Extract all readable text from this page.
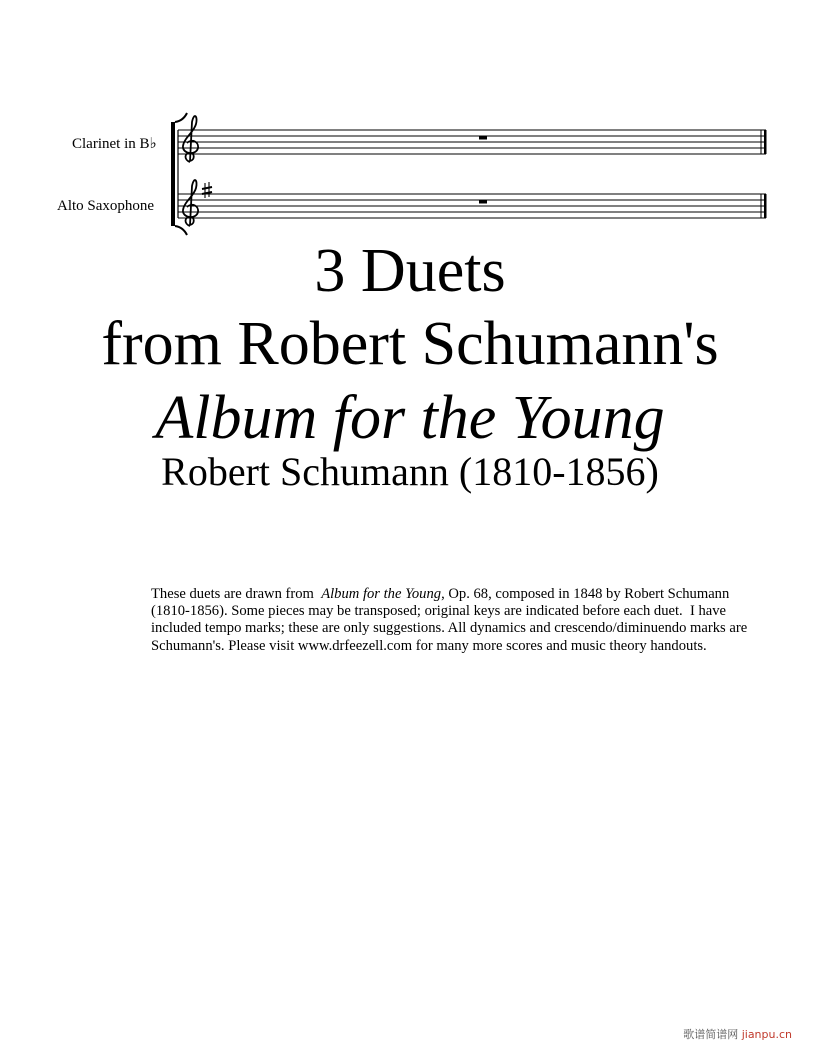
Clarinet in B♭
Alto Saxophone
3 Duets
from Robert Schumann's
Album for the Young
Robert Schumann (1810-1856)
These duets are drawn from  Album for the Young, Op. 68, composed in 1848 by Robert Schumann (1810-1856). Some pieces may be transposed; original keys are indicated before each duet.  I have included tempo marks; these are only suggestions. All dynamics and crescendo/diminuendo marks are Schumann's. Please visit www.drfeezell.com for many more scores and music theory handouts.
歌谱简谱网 jianpu.cn
